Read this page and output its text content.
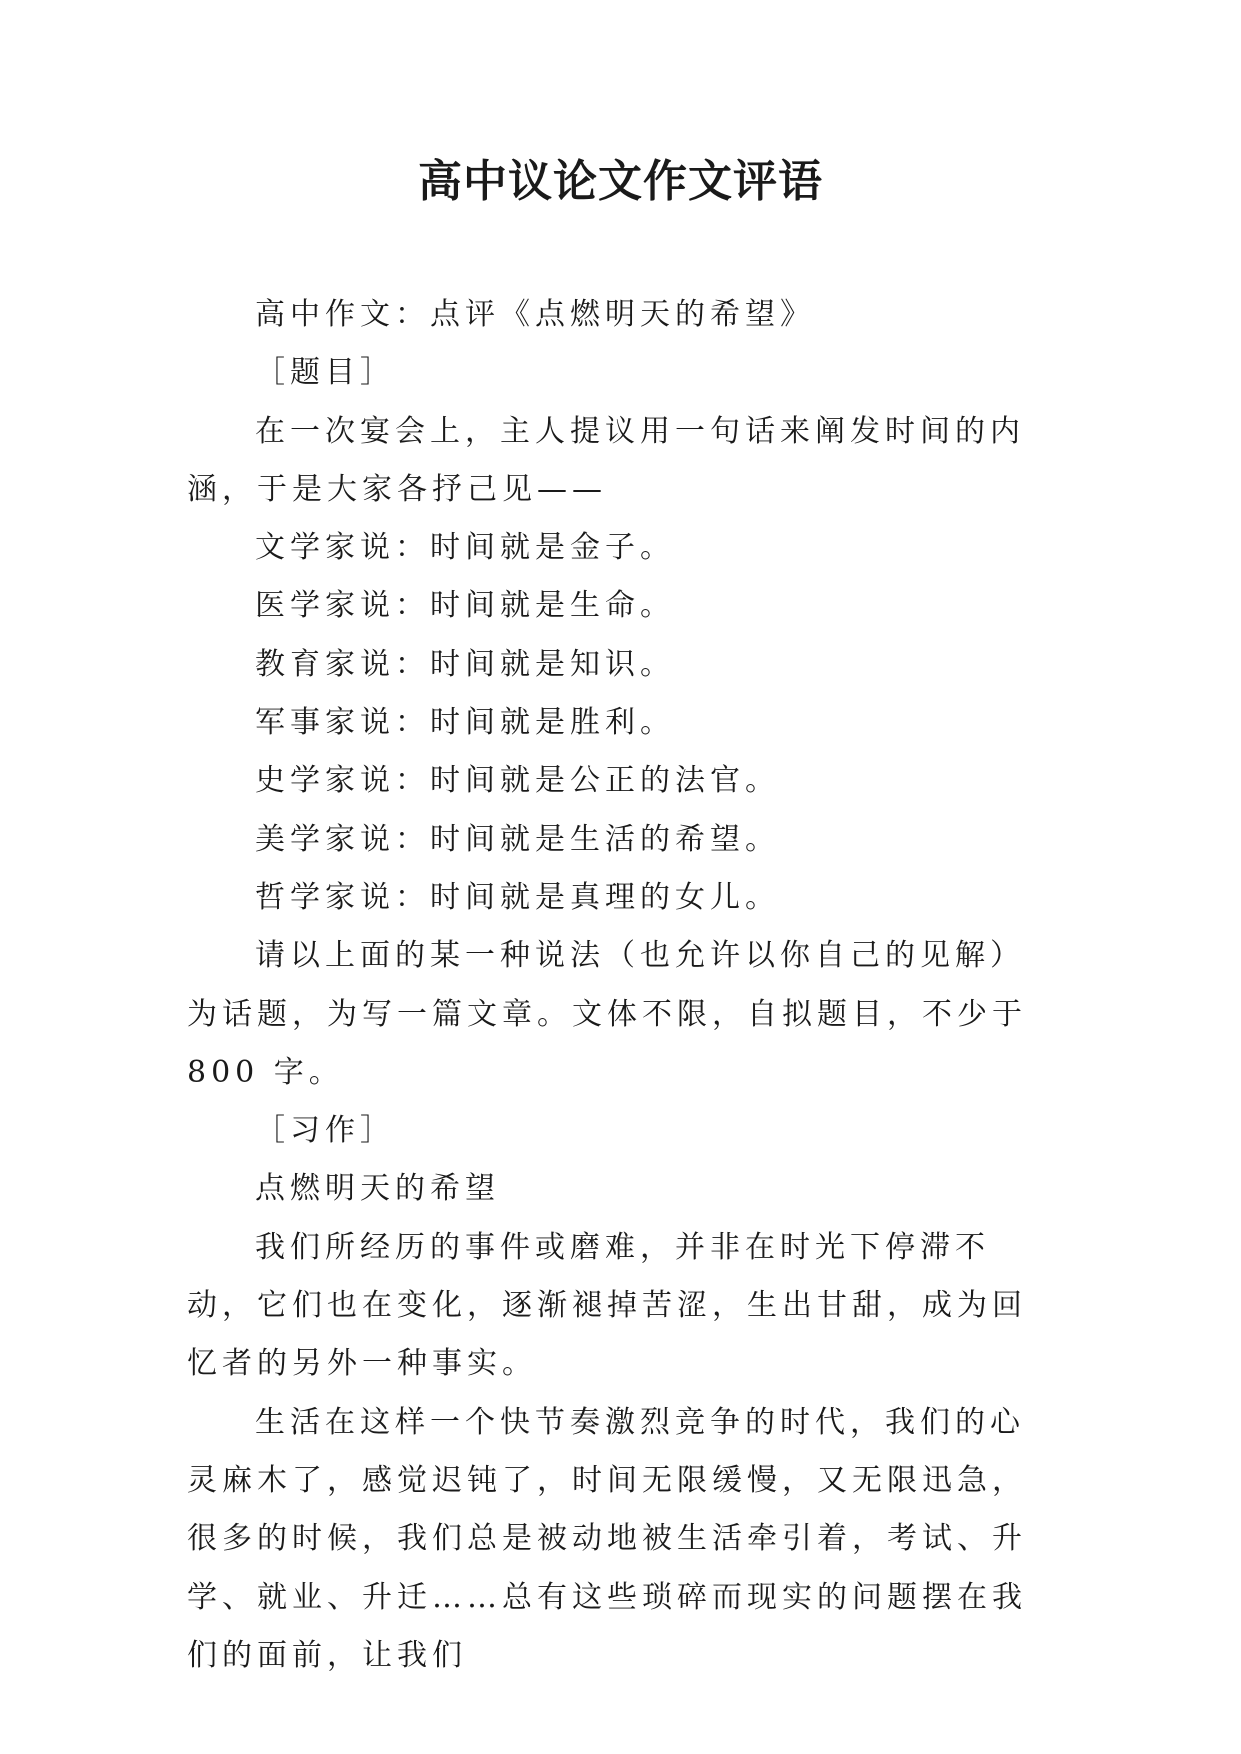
高中议论文作文评语

高中作文：点评《点燃明天的希望》

［题目］

在一次宴会上，主人提议用一句话来阐发时间的内涵，于是大家各抒己见——

文学家说：时间就是金子。

医学家说：时间就是生命。

教育家说：时间就是知识。

军事家说：时间就是胜利。

史学家说：时间就是公正的法官。

美学家说：时间就是生活的希望。

哲学家说：时间就是真理的女儿。

请以上面的某一种说法（也允许以你自己的见解）为话题，为写一篇文章。文体不限，自拟题目，不少于 800 字。

［习作］

点燃明天的希望

我们所经历的事件或磨难，并非在时光下停滞不动，它们也在变化，逐渐褪掉苦涩，生出甘甜，成为回忆者的另外一种事实。

生活在这样一个快节奏激烈竞争的时代，我们的心灵麻木了，感觉迟钝了，时间无限缓慢，又无限迅急，很多的时候，我们总是被动地被生活牵引着，考试、升学、就业、升迁……总有这些琐碎而现实的问题摆在我们的面前，让我们
